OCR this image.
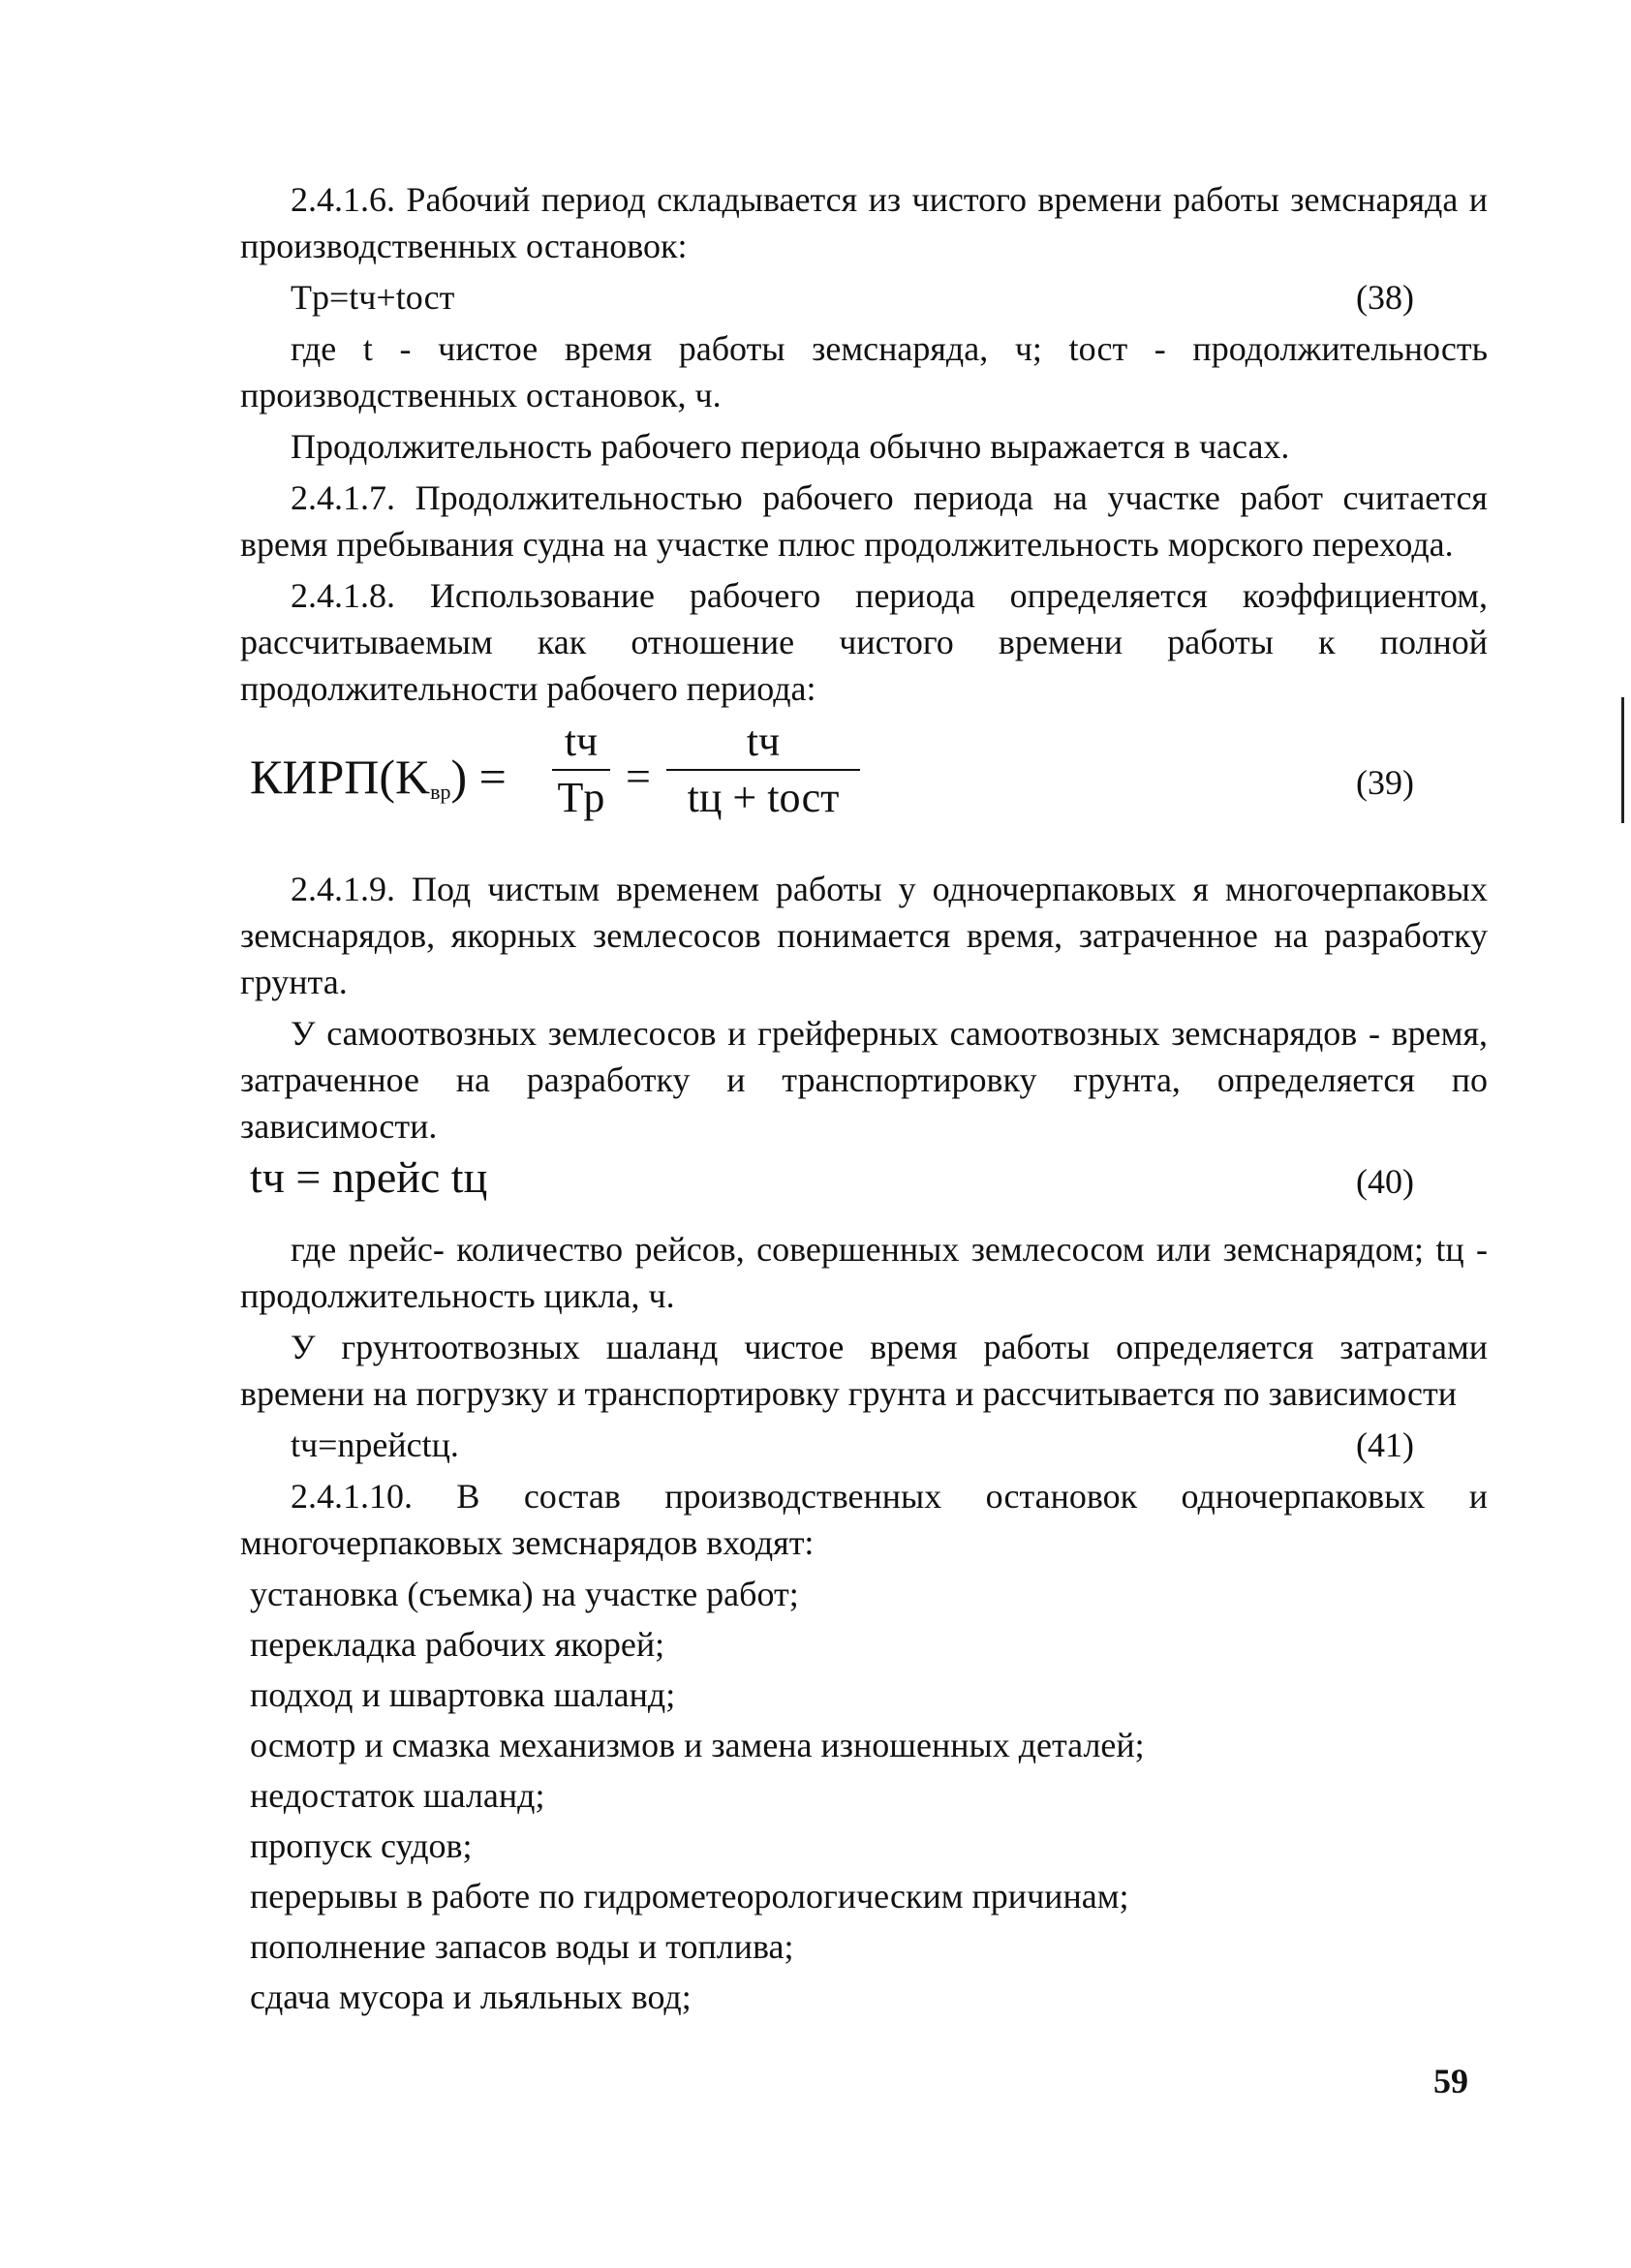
2.4.1.6. Рабочий период складывается из чистого времени работы земснаряда и производственных остановок:

Tр=tч+tост	(38)

где t - чистое время работы земснаряда, ч; tост - продолжительность производственных остановок, ч.

Продолжительность рабочего периода обычно выражается в часах.

2.4.1.7. Продолжительностью рабочего периода на участке работ считается время пребывания судна на участке плюс продолжительность морского перехода.

2.4.1.8. Использование рабочего периода определяется коэффициентом, рассчитываемым как отношение чистого времени работы к полной продолжительности рабочего периода:

$КИРП(K_{вр})$ =
tч
Tр =
tч
tц + tост	(39)

2.4.1.9. Под чистым временем работы у одночерпаковых я многочерпаковых земснарядов, якорных землесосов понимается время, затраченное на разработку грунта.

У самоотвозных землесосов и грейферных самоотвозных земснарядов - время, затраченное на разработку и транспортировку грунта, определяется по зависимости.

tч = nрейс tц	(40)

где nрейс- количество рейсов, совершенных землесосом или земснарядом; tц - продолжительность цикла, ч.

У грунтоотвозных шаланд чистое время работы определяется затратами времени на погрузку и транспортировку грунта и рассчитывается по зависимости

tч=nрейсtц.	(41)

2.4.1.10. В состав производственных остановок одночерпаковых и многочерпаковых земснарядов входят:

установка (съемка) на участке работ;

перекладка рабочих якорей;

подход и швартовка шаланд;

осмотр и смазка механизмов и замена изношенных деталей;

недостаток шаланд;

пропуск судов;

перерывы в работе по гидрометеорологическим причинам;

пополнение запасов воды и топлива;

сдача мусора и льяльных вод;

59
